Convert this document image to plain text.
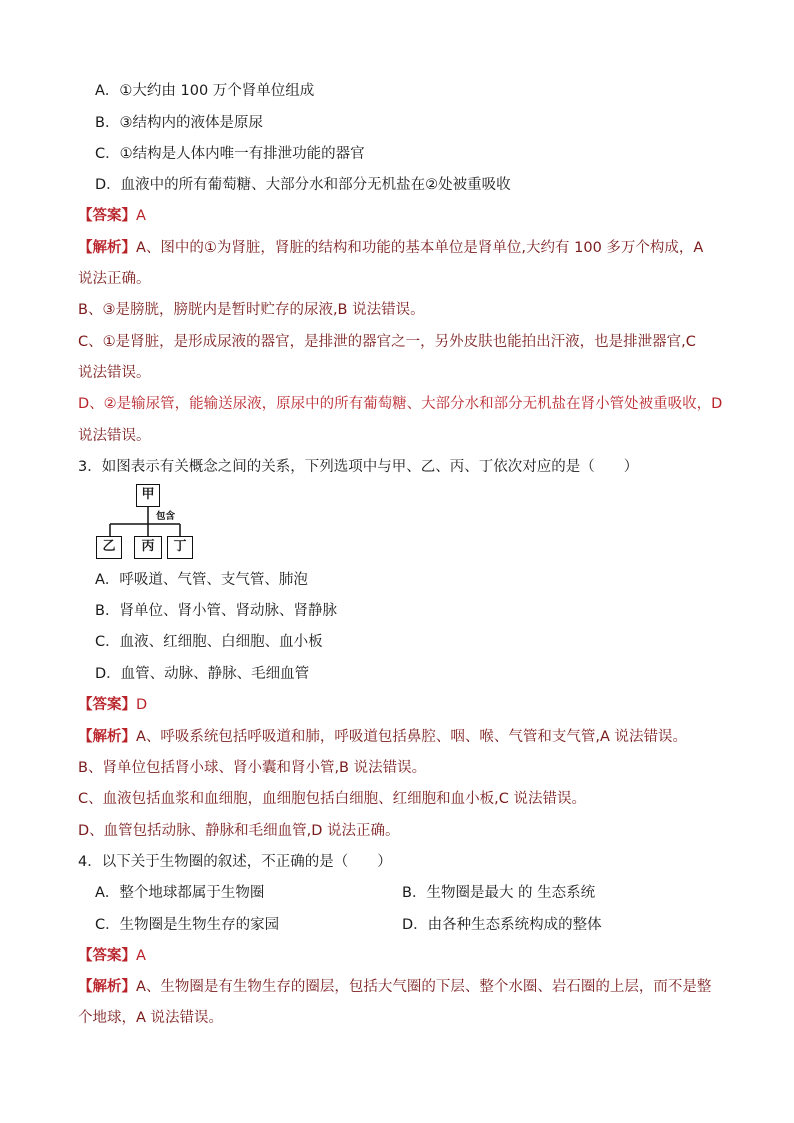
A．①大约由 100 万个肾单位组成
B．③结构内的液体是原尿
C．①结构是人体内唯一有排泄功能的器官
D．血液中的所有葡萄糖、大部分水和部分无机盐在②处被重吸收
【答案】A
【解析】A、图中的①为肾脏，肾脏的结构和功能的基本单位是肾单位,大约有 100 多万个构成，A
说法正确。
B、③是膀胱，膀胱内是暂时贮存的尿液,B 说法错误。
C、①是肾脏，是形成尿液的器官，是排泄的器官之一，另外皮肤也能拍出汗液，也是排泄器官,C
说法错误。
D、②是输尿管，能输送尿液，原尿中的所有葡萄糖、大部分水和部分无机盐在肾小管处被重吸收，D
说法错误。
3．如图表示有关概念之间的关系，下列选项中与甲、乙、丙、丁依次对应的是（　　）
甲
包含
乙	丙	丁
A．呼吸道、气管、支气管、肺泡
B．肾单位、肾小管、肾动脉、肾静脉
C．血液、红细胞、白细胞、血小板
D．血管、动脉、静脉、毛细血管
【答案】D
【解析】A、呼吸系统包括呼吸道和肺，呼吸道包括鼻腔、咽、喉、气管和支气管,A 说法错误。
B、肾单位包括肾小球、肾小囊和肾小管,B 说法错误。
C、血液包括血浆和血细胞，血细胞包括白细胞、红细胞和血小板,C 说法错误。
D、血管包括动脉、静脉和毛细血管,D 说法正确。
4．以下关于生物圈的叙述，不正确的是（　　）
A．整个地球都属于生物圈	B．生物圈是最大 的 生态系统
C．生物圈是生物生存的家园	D．由各种生态系统构成的整体
【答案】A
【解析】A、生物圈是有生物生存的圈层，包括大气圈的下层、整个水圈、岩石圈的上层，而不是整
个地球，A 说法错误。
